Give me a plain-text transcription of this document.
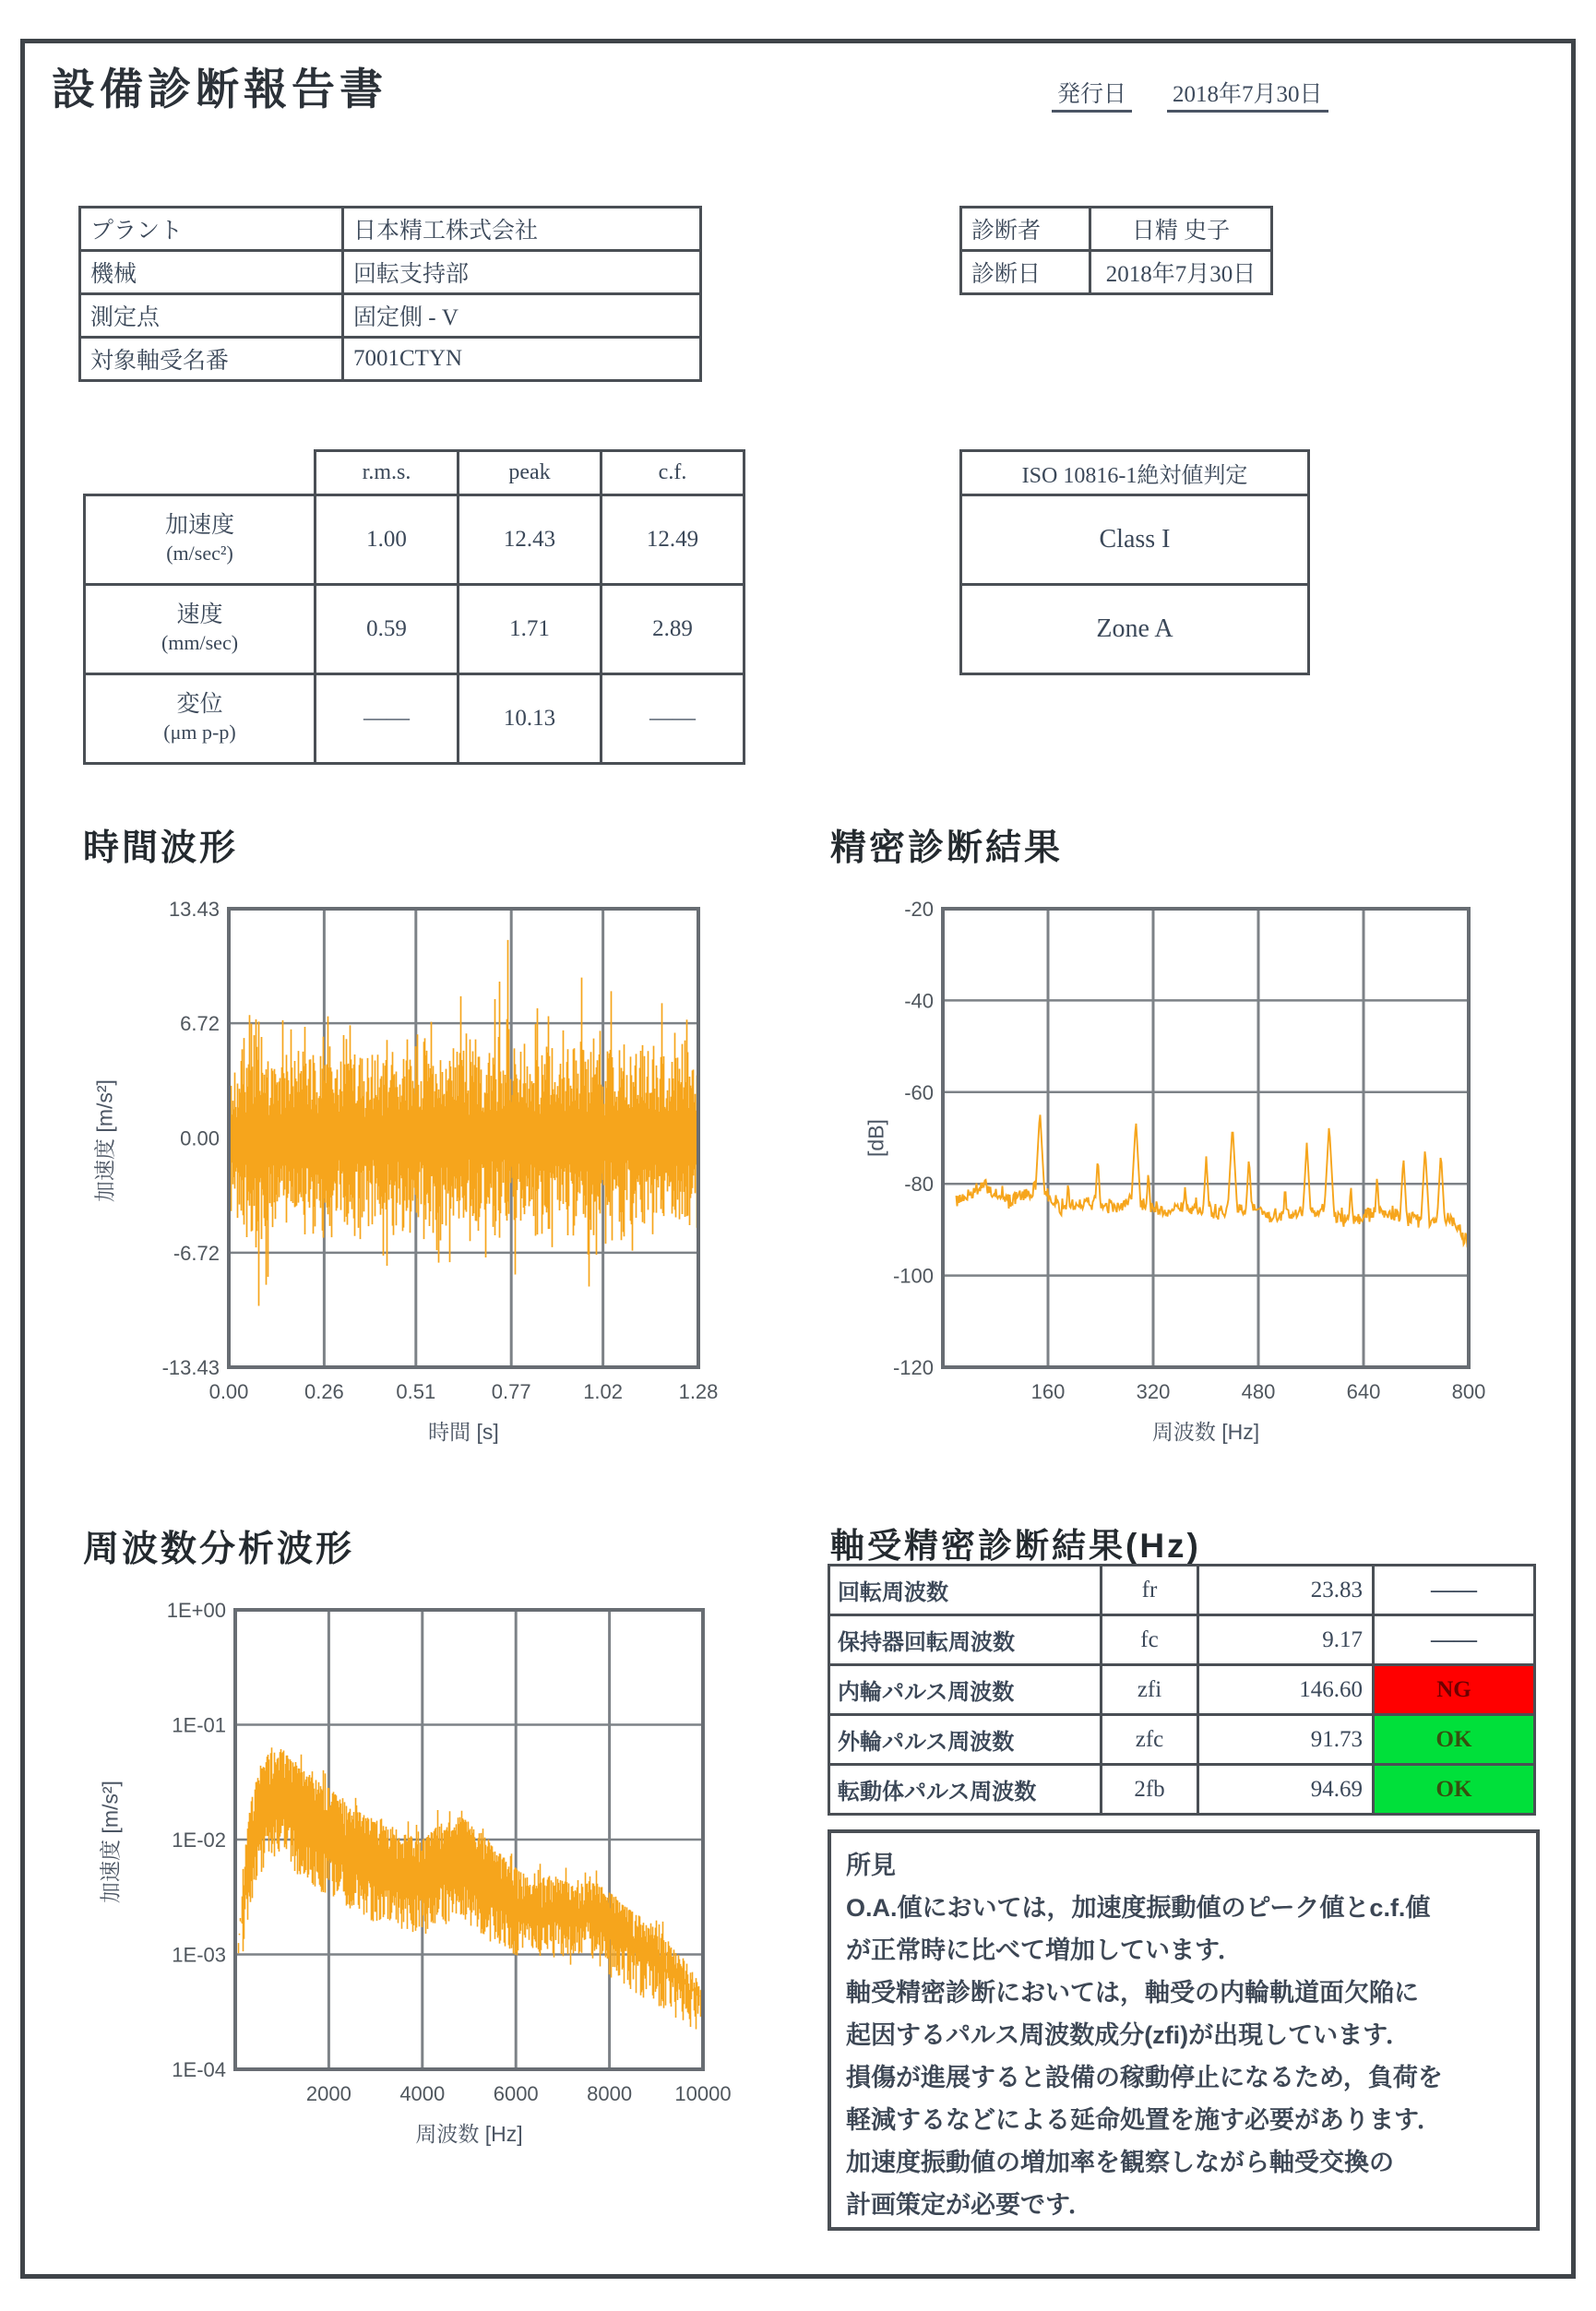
設備診断報告書	発行日 2018年7月30日
プラント	日本精工株式会社
機械	回転支持部
測定点	固定側 - V
対象軸受名番	7001CTYN
診断者	日精 史子
診断日	2018年7月30日
	r.m.s.	peak	c.f.

加速度
(m/sec²)	1.00	12.43	12.49

速度
(mm/sec)	0.59	1.71	2.89

変位
(μm p-p)	――	10.13	――
ISO 10816-1絶対値判定
Class I
Zone A
時間波形	精密診断結果
周波数分析波形	軸受精密診断結果(Hz)
13.43
6.72
0.00
-6.72
-13.43
0.00	0.26	0.51	0.77	1.02	1.28
時間 [s]
加速度 [m/s²]
-20
-40
-60
-80
-100
-120
160	320	480	640	800
周波数 [Hz]
[dB]
1E+00
1E-01
1E-02
1E-03
1E-04
2000 4000 6000 8000 10000
周波数 [Hz]
加速度 [m/s²]
回転周波数	fr	23.83	――
保持器回転周波数	fc	9.17	――
内輪パルス周波数	zfi	146.60	NG
外輪パルス周波数	zfc	91.73	OK
転動体パルス周波数	2fb	94.69	OK
所見
O.A.値においては，加速度振動値のピーク値とc.f.値
が正常時に比べて増加しています．
軸受精密診断においては，軸受の内輪軌道面欠陥に
起因するパルス周波数成分(zfi)が出現しています．
損傷が進展すると設備の稼動停止になるため，負荷を
軽減するなどによる延命処置を施す必要があります．
加速度振動値の増加率を観察しながら軸受交換の
計画策定が必要です．
